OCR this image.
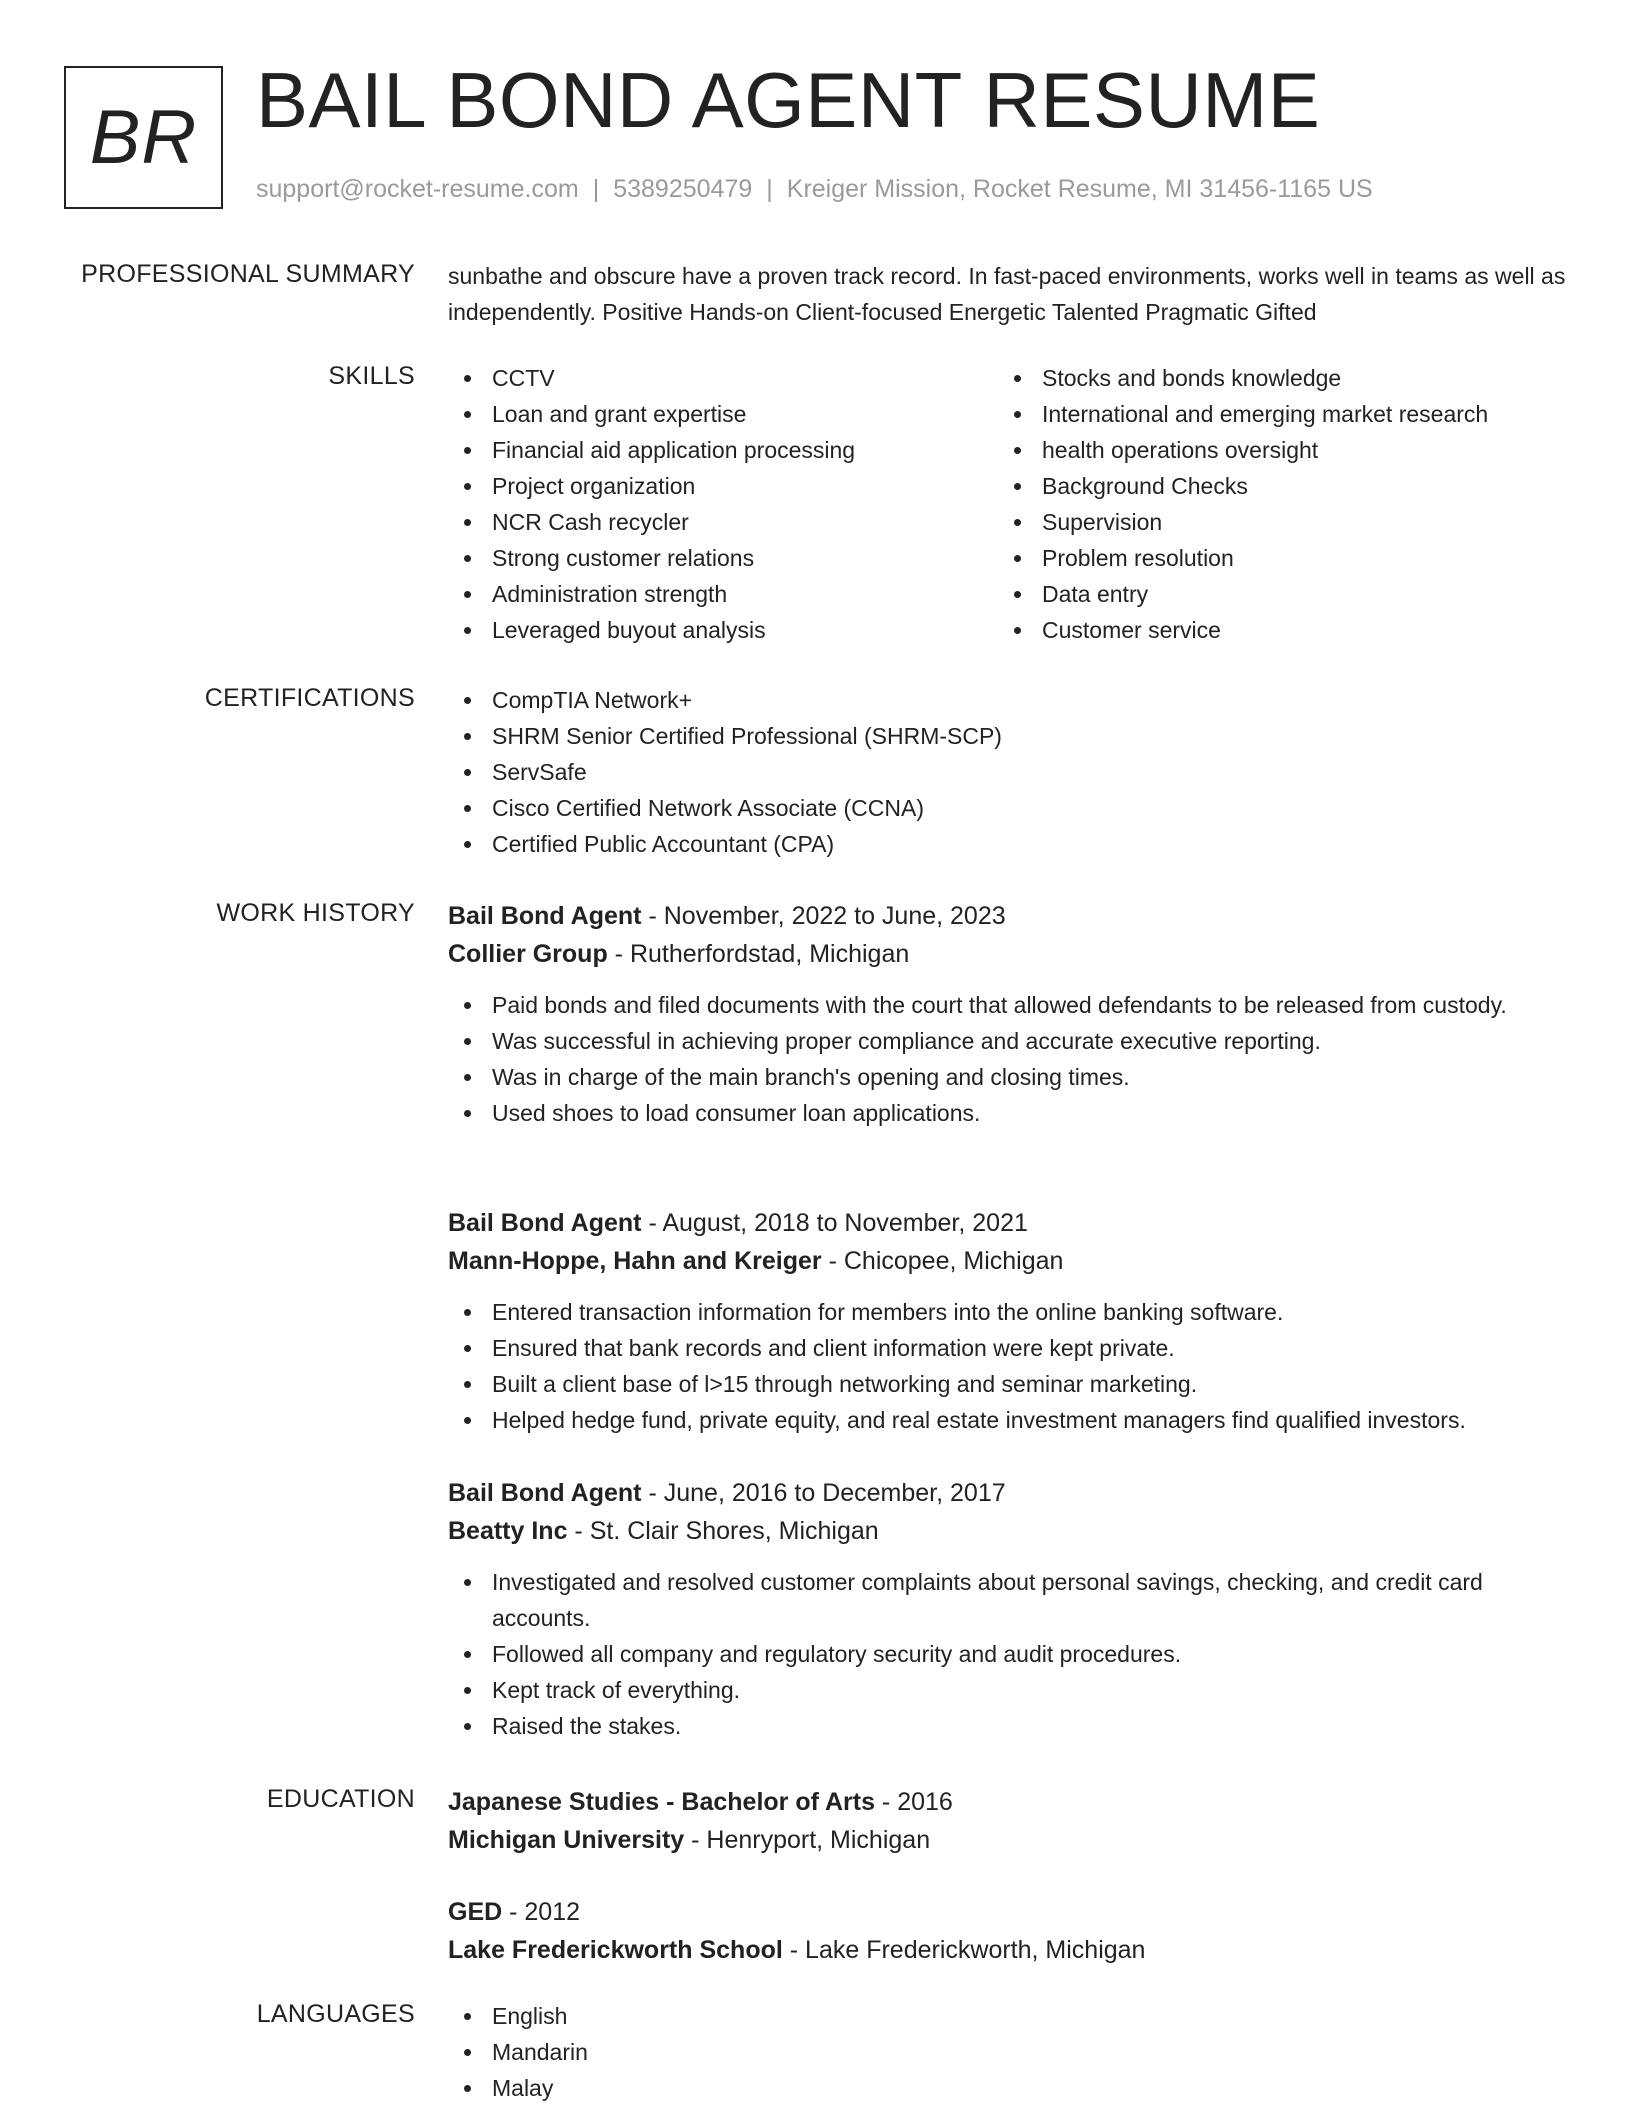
BR BAIL BOND AGENT RESUME
support@rocket-resume.com | 5389250479 | Kreiger Mission, Rocket Resume, MI 31456-1165 US
PROFESSIONAL SUMMARY sunbathe and obscure have a proven track record. In fast-paced environments, works well in teams as well as independently. Positive Hands-on Client-focused Energetic Talented Pragmatic Gifted

SKILLS	CCTV
Loan and grant expertise
Financial aid application processing
Project organization
NCR Cash recycler
Strong customer relations
Administration strength
Leveraged buyout analysis
Stocks and bonds knowledge
International and emerging market research
health operations oversight
Background Checks
Supervision
Problem resolution
Data entry
Customer service
CERTIFICATIONS	CompTIA Network+
SHRM Senior Certified Professional (SHRM-SCP)
ServSafe
Cisco Certified Network Associate (CCNA)
Certified Public Accountant (CPA)
WORK HISTORY Bail Bond Agent - November, 2022 to June, 2023
Collier Group - Rutherfordstad, Michigan
Paid bonds and filed documents with the court that allowed defendants to be released from custody.
Was successful in achieving proper compliance and accurate executive reporting.
Was in charge of the main branch's opening and closing times.
Used shoes to load consumer loan applications.
Bail Bond Agent - August, 2018 to November, 2021
Mann-Hoppe, Hahn and Kreiger - Chicopee, Michigan
Entered transaction information for members into the online banking software.
Ensured that bank records and client information were kept private.
Built a client base of l>15 through networking and seminar marketing.
Helped hedge fund, private equity, and real estate investment managers find qualified investors.
Bail Bond Agent - June, 2016 to December, 2017
Beatty Inc - St. Clair Shores, Michigan
Investigated and resolved customer complaints about personal savings, checking, and credit card accounts.
Followed all company and regulatory security and audit procedures.
Kept track of everything.
Raised the stakes.
EDUCATION Japanese Studies - Bachelor of Arts - 2016
Michigan University - Henryport, Michigan
GED - 2012
Lake Frederickworth School - Lake Frederickworth, Michigan
LANGUAGES	English
Mandarin
Malay
